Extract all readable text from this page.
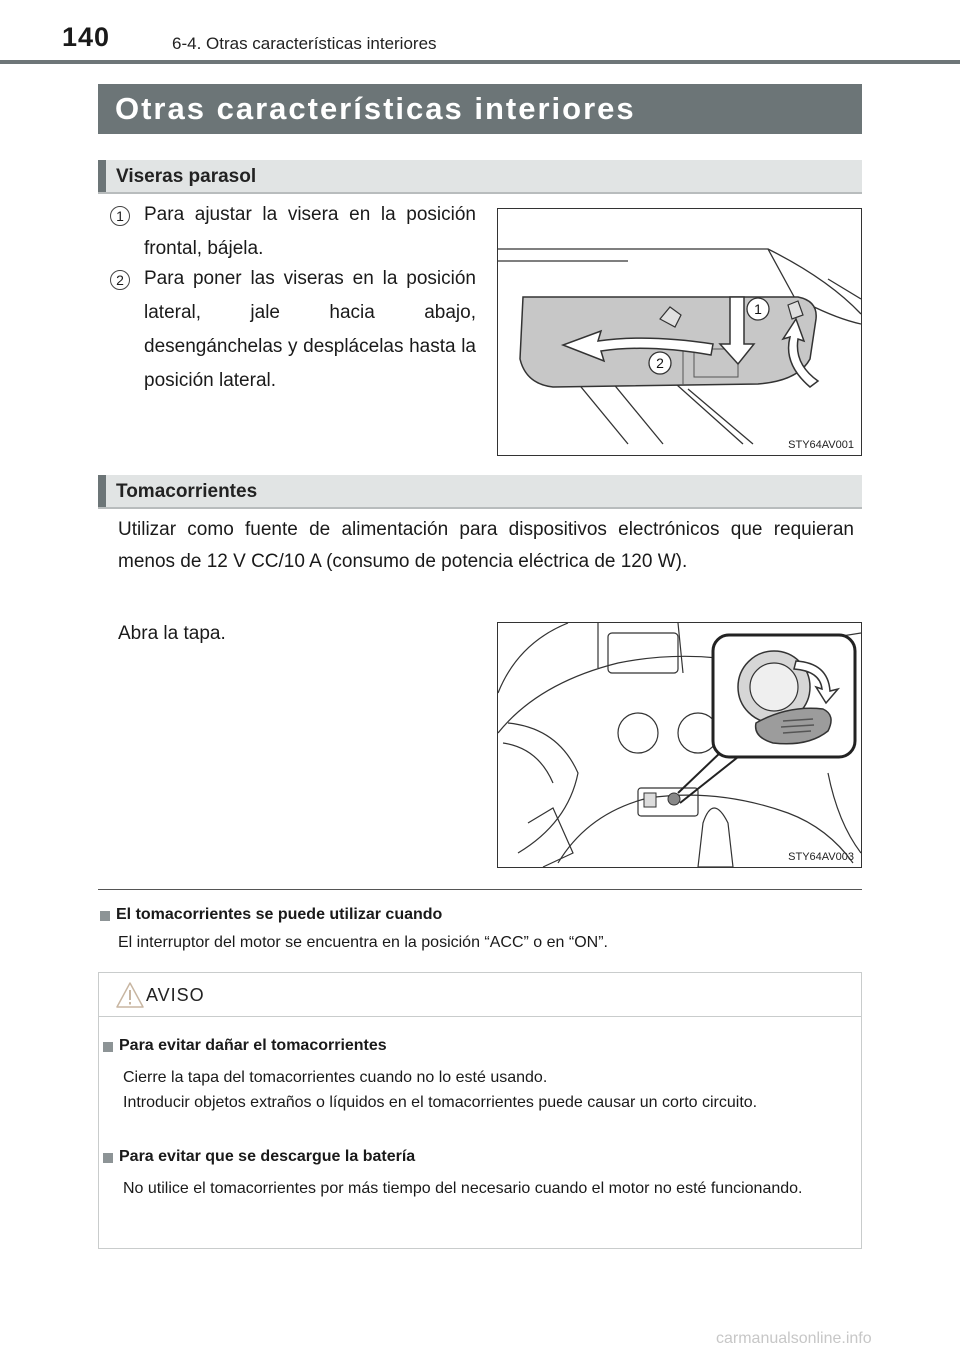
140	6-4. Otras características interiores
Otras características interiores
Viseras parasol
1	Para ajustar la visera en la posición frontal, bájela.
2	Para poner las viseras en la posición lateral, jale hacia abajo, desengánchelas y desplácelas hasta la posición lateral.
1
2
STY64AV001
Tomacorrientes
Utilizar como fuente de alimentación para dispositivos electrónicos que requieran menos de 12 V CC/10 A (consumo de potencia eléctrica de 120 W).
Abra la tapa.
STY64AV003
El tomacorrientes se puede utilizar cuando
El interruptor del motor se encuentra en la posición “ACC” o en “ON”.
AVISO
Para evitar dañar el tomacorrientes
Cierre la tapa del tomacorrientes cuando no lo esté usando.
Introducir objetos extraños o líquidos en el tomacorrientes puede causar un corto circuito.
Para evitar que se descargue la batería
No utilice el tomacorrientes por más tiempo del necesario cuando el motor no esté funcionando.
carmanualsonline.info
